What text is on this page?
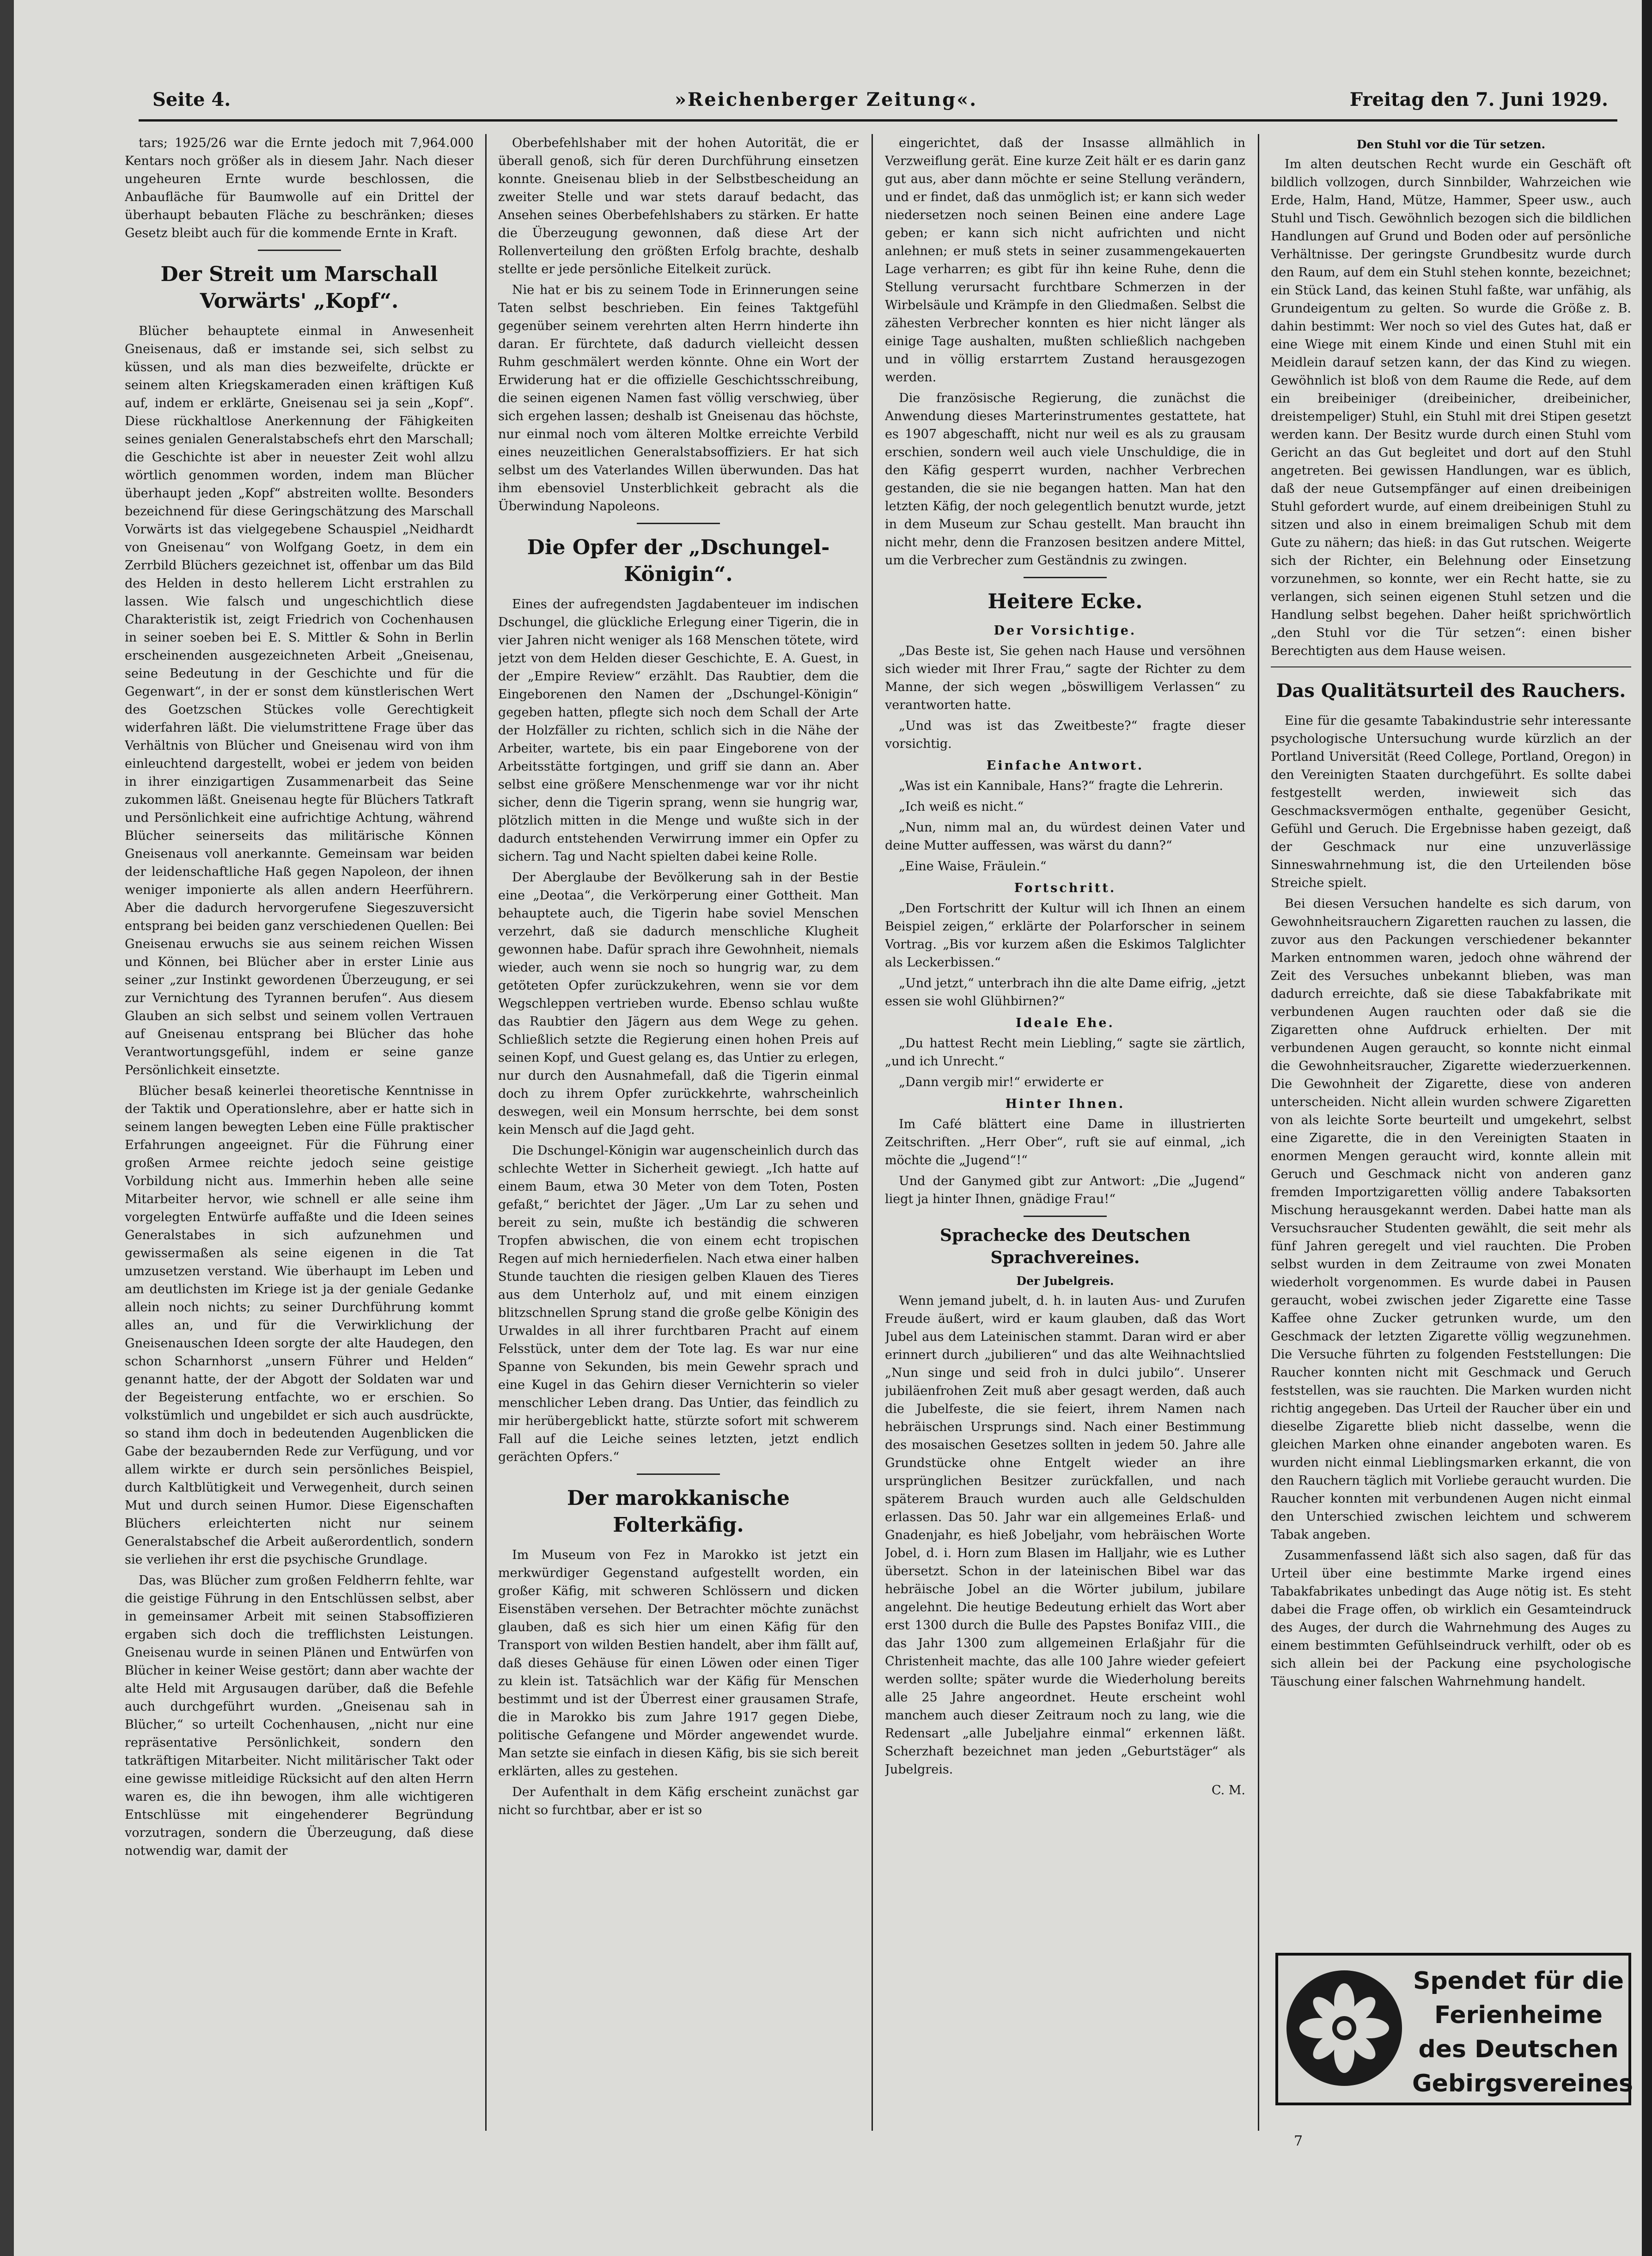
Seite 4.	»Reichenberger Zeitung«.	Freitag den 7. Juni 1929.

tars; 1925/26 war die Ernte jedoch mit 7,964.000 Kentars noch größer als in diesem Jahr. Nach dieser ungeheuren Ernte wurde beschlossen, die Anbaufläche für Baumwolle auf ein Drittel der überhaupt bebauten Fläche zu beschränken; dieses Gesetz bleibt auch für die kommende Ernte in Kraft.

Der Streit um Marschall Vorwärts' „Kopf“.

Blücher behauptete einmal in Anwesenheit Gneisenaus, daß er imstande sei, sich selbst zu küssen, und als man dies bezweifelte, drückte er seinem alten Kriegskameraden einen kräftigen Kuß auf, indem er erklärte, Gneisenau sei ja sein „Kopf“. Diese rückhaltlose Anerkennung der Fähigkeiten seines genialen Generalstabschefs ehrt den Marschall; die Geschichte ist aber in neuester Zeit wohl allzu wörtlich genommen worden, indem man Blücher überhaupt jeden „Kopf“ abstreiten wollte. Besonders bezeichnend für diese Geringschätzung des Marschall Vorwärts ist das vielgegebene Schauspiel „Neidhardt von Gneisenau“ von Wolfgang Goetz, in dem ein Zerrbild Blüchers gezeichnet ist, offenbar um das Bild des Helden in desto hellerem Licht erstrahlen zu lassen. Wie falsch und ungeschichtlich diese Charakteristik ist, zeigt Friedrich von Cochenhausen in seiner soeben bei E. S. Mittler & Sohn in Berlin erscheinenden ausgezeichneten Arbeit „Gneisenau, seine Bedeutung in der Geschichte und für die Gegenwart“, in der er sonst dem künstlerischen Wert des Goetzschen Stückes volle Gerechtigkeit widerfahren läßt. Die vielumstrittene Frage über das Verhältnis von Blücher und Gneisenau wird von ihm einleuchtend dargestellt, wobei er jedem von beiden in ihrer einzigartigen Zusammenarbeit das Seine zukommen läßt. Gneisenau hegte für Blüchers Tatkraft und Persönlichkeit eine aufrichtige Achtung, während Blücher seinerseits das militärische Können Gneisenaus voll anerkannte. Gemeinsam war beiden der leidenschaftliche Haß gegen Napoleon, der ihnen weniger imponierte als allen andern Heerführern. Aber die dadurch hervorgerufene Siegeszuversicht entsprang bei beiden ganz verschiedenen Quellen: Bei Gneisenau erwuchs sie aus seinem reichen Wissen und Können, bei Blücher aber in erster Linie aus seiner „zur Instinkt gewordenen Überzeugung, er sei zur Vernichtung des Tyrannen berufen“. Aus diesem Glauben an sich selbst und seinem vollen Vertrauen auf Gneisenau entsprang bei Blücher das hohe Verantwortungsgefühl, indem er seine ganze Persönlichkeit einsetzte.

Blücher besaß keinerlei theoretische Kenntnisse in der Taktik und Operationslehre, aber er hatte sich in seinem langen bewegten Leben eine Fülle praktischer Erfahrungen angeeignet. Für die Führung einer großen Armee reichte jedoch seine geistige Vorbildung nicht aus. Immerhin heben alle seine Mitarbeiter hervor, wie schnell er alle seine ihm vorgelegten Entwürfe auffaßte und die Ideen seines Generalstabes in sich aufzunehmen und gewissermaßen als seine eigenen in die Tat umzusetzen verstand. Wie überhaupt im Leben und am deutlichsten im Kriege ist ja der geniale Gedanke allein noch nichts; zu seiner Durchführung kommt alles an, und für die Verwirklichung der Gneisenauschen Ideen sorgte der alte Haudegen, den schon Scharnhorst „unsern Führer und Helden“ genannt hatte, der der Abgott der Soldaten war und der Begeisterung entfachte, wo er erschien. So volkstümlich und ungebildet er sich auch ausdrückte, so stand ihm doch in bedeutenden Augenblicken die Gabe der bezaubernden Rede zur Verfügung, und vor allem wirkte er durch sein persönliches Beispiel, durch Kaltblütigkeit und Verwegenheit, durch seinen Mut und durch seinen Humor. Diese Eigenschaften Blüchers erleichterten nicht nur seinem Generalstabschef die Arbeit außerordentlich, sondern sie verliehen ihr erst die psychische Grundlage.

Das, was Blücher zum großen Feldherrn fehlte, war die geistige Führung in den Entschlüssen selbst, aber in gemeinsamer Arbeit mit seinen Stabsoffizieren ergaben sich doch die trefflichsten Leistungen. Gneisenau wurde in seinen Plänen und Entwürfen von Blücher in keiner Weise gestört; dann aber wachte der alte Held mit Argusaugen darüber, daß die Befehle auch durchgeführt wurden. „Gneisenau sah in Blücher,“ so urteilt Cochenhausen, „nicht nur eine repräsentative Persönlichkeit, sondern den tatkräftigen Mitarbeiter. Nicht militärischer Takt oder eine gewisse mitleidige Rücksicht auf den alten Herrn waren es, die ihn bewogen, ihm alle wichtigeren Entschlüsse mit eingehenderer Begründung vorzutragen, sondern die Überzeugung, daß diese notwendig war, damit der

Oberbefehlshaber mit der hohen Autorität, die er überall genoß, sich für deren Durchführung einsetzen konnte. Gneisenau blieb in der Selbstbescheidung an zweiter Stelle und war stets darauf bedacht, das Ansehen seines Oberbefehlshabers zu stärken. Er hatte die Überzeugung gewonnen, daß diese Art der Rollenverteilung den größten Erfolg brachte, deshalb stellte er jede persönliche Eitelkeit zurück.

Nie hat er bis zu seinem Tode in Erinnerungen seine Taten selbst beschrieben. Ein feines Taktgefühl gegenüber seinem verehrten alten Herrn hinderte ihn daran. Er fürchtete, daß dadurch vielleicht dessen Ruhm geschmälert werden könnte. Ohne ein Wort der Erwiderung hat er die offizielle Geschichtsschreibung, die seinen eigenen Namen fast völlig verschwieg, über sich ergehen lassen; deshalb ist Gneisenau das höchste, nur einmal noch vom älteren Moltke erreichte Verbild eines neuzeitlichen Generalstabsoffiziers. Er hat sich selbst um des Vaterlandes Willen überwunden. Das hat ihm ebensoviel Unsterblichkeit gebracht als die Überwindung Napoleons.

Die Opfer der „Dschungel-Königin“.

Eines der aufregendsten Jagdabenteuer im indischen Dschungel, die glückliche Erlegung einer Tigerin, die in vier Jahren nicht weniger als 168 Menschen tötete, wird jetzt von dem Helden dieser Geschichte, E. A. Guest, in der „Empire Review“ erzählt. Das Raubtier, dem die Eingeborenen den Namen der „Dschungel-Königin“ gegeben hatten, pflegte sich noch dem Schall der Arte der Holzfäller zu richten, schlich sich in die Nähe der Arbeiter, wartete, bis ein paar Eingeborene von der Arbeitsstätte fortgingen, und griff sie dann an. Aber selbst eine größere Menschenmenge war vor ihr nicht sicher, denn die Tigerin sprang, wenn sie hungrig war, plötzlich mitten in die Menge und wußte sich in der dadurch entstehenden Verwirrung immer ein Opfer zu sichern. Tag und Nacht spielten dabei keine Rolle.

Der Aberglaube der Bevölkerung sah in der Bestie eine „Deotaa“, die Verkörperung einer Gottheit. Man behauptete auch, die Tigerin habe soviel Menschen verzehrt, daß sie dadurch menschliche Klugheit gewonnen habe. Dafür sprach ihre Gewohnheit, niemals wieder, auch wenn sie noch so hungrig war, zu dem getöteten Opfer zurückzukehren, wenn sie vor dem Wegschleppen vertrieben wurde. Ebenso schlau wußte das Raubtier den Jägern aus dem Wege zu gehen. Schließlich setzte die Regierung einen hohen Preis auf seinen Kopf, und Guest gelang es, das Untier zu erlegen, nur durch den Ausnahmefall, daß die Tigerin einmal doch zu ihrem Opfer zurückkehrte, wahrscheinlich deswegen, weil ein Monsum herrschte, bei dem sonst kein Mensch auf die Jagd geht.

Die Dschungel-Königin war augenscheinlich durch das schlechte Wetter in Sicherheit gewiegt. „Ich hatte auf einem Baum, etwa 30 Meter von dem Toten, Posten gefaßt,“ berichtet der Jäger. „Um Lar zu sehen und bereit zu sein, mußte ich beständig die schweren Tropfen abwischen, die von einem echt tropischen Regen auf mich herniederfielen. Nach etwa einer halben Stunde tauchten die riesigen gelben Klauen des Tieres aus dem Unterholz auf, und mit einem einzigen blitzschnellen Sprung stand die große gelbe Königin des Urwaldes in all ihrer furchtbaren Pracht auf einem Felsstück, unter dem der Tote lag. Es war nur eine Spanne von Sekunden, bis mein Gewehr sprach und eine Kugel in das Gehirn dieser Vernichterin so vieler menschlicher Leben drang. Das Untier, das feindlich zu mir herübergeblickt hatte, stürzte sofort mit schwerem Fall auf die Leiche seines letzten, jetzt endlich gerächten Opfers.“

Der marokkanische Folterkäfig.

Im Museum von Fez in Marokko ist jetzt ein merkwürdiger Gegenstand aufgestellt worden, ein großer Käfig, mit schweren Schlössern und dicken Eisenstäben versehen. Der Betrachter möchte zunächst glauben, daß es sich hier um einen Käfig für den Transport von wilden Bestien handelt, aber ihm fällt auf, daß dieses Gehäuse für einen Löwen oder einen Tiger zu klein ist. Tatsächlich war der Käfig für Menschen bestimmt und ist der Überrest einer grausamen Strafe, die in Marokko bis zum Jahre 1917 gegen Diebe, politische Gefangene und Mörder angewendet wurde. Man setzte sie einfach in diesen Käfig, bis sie sich bereit erklärten, alles zu gestehen.

Der Aufenthalt in dem Käfig erscheint zunächst gar nicht so furchtbar, aber er ist so

eingerichtet, daß der Insasse allmählich in Verzweiflung gerät. Eine kurze Zeit hält er es darin ganz gut aus, aber dann möchte er seine Stellung verändern, und er findet, daß das unmöglich ist; er kann sich weder niedersetzen noch seinen Beinen eine andere Lage geben; er kann sich nicht aufrichten und nicht anlehnen; er muß stets in seiner zusammengekauerten Lage verharren; es gibt für ihn keine Ruhe, denn die Stellung verursacht furchtbare Schmerzen in der Wirbelsäule und Krämpfe in den Gliedmaßen. Selbst die zähesten Verbrecher konnten es hier nicht länger als einige Tage aushalten, mußten schließlich nachgeben und in völlig erstarrtem Zustand herausgezogen werden.

Die französische Regierung, die zunächst die Anwendung dieses Marterinstrumentes gestattete, hat es 1907 abgeschafft, nicht nur weil es als zu grausam erschien, sondern weil auch viele Unschuldige, die in den Käfig gesperrt wurden, nachher Verbrechen gestanden, die sie nie begangen hatten. Man hat den letzten Käfig, der noch gelegentlich benutzt wurde, jetzt in dem Museum zur Schau gestellt. Man braucht ihn nicht mehr, denn die Franzosen besitzen andere Mittel, um die Verbrecher zum Geständnis zu zwingen.

Heitere Ecke.
Der Vorsichtige.

„Das Beste ist, Sie gehen nach Hause und versöhnen sich wieder mit Ihrer Frau,“ sagte der Richter zu dem Manne, der sich wegen „böswilligem Verlassen“ zu verantworten hatte.

„Und was ist das Zweitbeste?“ fragte dieser vorsichtig.

Einfache Antwort.

„Was ist ein Kannibale, Hans?“ fragte die Lehrerin.

„Ich weiß es nicht.“

„Nun, nimm mal an, du würdest deinen Vater und deine Mutter auffessen, was wärst du dann?“

„Eine Waise, Fräulein.“

Fortschritt.

„Den Fortschritt der Kultur will ich Ihnen an einem Beispiel zeigen,“ erklärte der Polarforscher in seinem Vortrag. „Bis vor kurzem aßen die Eskimos Talglichter als Leckerbissen.“

„Und jetzt,“ unterbrach ihn die alte Dame eifrig, „jetzt essen sie wohl Glühbirnen?“

Ideale Ehe.

„Du hattest Recht mein Liebling,“ sagte sie zärtlich, „und ich Unrecht.“

„Dann vergib mir!“ erwiderte er

Hinter Ihnen.

Im Café blättert eine Dame in illustrierten Zeitschriften. „Herr Ober“, ruft sie auf einmal, „ich möchte die „Jugend“!“

Und der Ganymed gibt zur Antwort: „Die „Jugend“ liegt ja hinter Ihnen, gnädige Frau!“

Sprachecke des Deutschen Sprachvereines.
Der Jubelgreis.

Wenn jemand jubelt, d. h. in lauten Aus- und Zurufen Freude äußert, wird er kaum glauben, daß das Wort Jubel aus dem Lateinischen stammt. Daran wird er aber erinnert durch „jubilieren“ und das alte Weihnachtslied „Nun singe und seid froh in dulci jubilo“. Unserer jubiläenfrohen Zeit muß aber gesagt werden, daß auch die Jubelfeste, die sie feiert, ihrem Namen nach hebräischen Ursprungs sind. Nach einer Bestimmung des mosaischen Gesetzes sollten in jedem 50. Jahre alle Grundstücke ohne Entgelt wieder an ihre ursprünglichen Besitzer zurückfallen, und nach späterem Brauch wurden auch alle Geldschulden erlassen. Das 50. Jahr war ein allgemeines Erlaß- und Gnadenjahr, es hieß Jobeljahr, vom hebräischen Worte Jobel, d. i. Horn zum Blasen im Halljahr, wie es Luther übersetzt. Schon in der lateinischen Bibel war das hebräische Jobel an die Wörter jubilum, jubilare angelehnt. Die heutige Bedeutung erhielt das Wort aber erst 1300 durch die Bulle des Papstes Bonifaz VIII., die das Jahr 1300 zum allgemeinen Erlaßjahr für die Christenheit machte, das alle 100 Jahre wieder gefeiert werden sollte; später wurde die Wiederholung bereits alle 25 Jahre angeordnet. Heute erscheint wohl manchem auch dieser Zeitraum noch zu lang, wie die Redensart „alle Jubeljahre einmal“ erkennen läßt. Scherzhaft bezeichnet man jeden „Geburtstäger“ als Jubelgreis.

C. M.

Den Stuhl vor die Tür setzen.

Im alten deutschen Recht wurde ein Geschäft oft bildlich vollzogen, durch Sinnbilder, Wahrzeichen wie Erde, Halm, Hand, Mütze, Hammer, Speer usw., auch Stuhl und Tisch. Gewöhnlich bezogen sich die bildlichen Handlungen auf Grund und Boden oder auf persönliche Verhältnisse. Der geringste Grundbesitz wurde durch den Raum, auf dem ein Stuhl stehen konnte, bezeichnet; ein Stück Land, das keinen Stuhl faßte, war unfähig, als Grundeigentum zu gelten. So wurde die Größe z. B. dahin bestimmt: Wer noch so viel des Gutes hat, daß er eine Wiege mit einem Kinde und einen Stuhl mit ein Meidlein darauf setzen kann, der das Kind zu wiegen. Gewöhnlich ist bloß von dem Raume die Rede, auf dem ein breibeiniger (dreibeinicher, dreibeinicher, dreistempeliger) Stuhl, ein Stuhl mit drei Stipen gesetzt werden kann. Der Besitz wurde durch einen Stuhl vom Gericht an das Gut begleitet und dort auf den Stuhl angetreten. Bei gewissen Handlungen, war es üblich, daß der neue Gutsempfänger auf einen dreibeinigen Stuhl gefordert wurde, auf einem dreibeinigen Stuhl zu sitzen und also in einem breimaligen Schub mit dem Gute zu nähern; das hieß: in das Gut rutschen. Weigerte sich der Richter, ein Belehnung oder Einsetzung vorzunehmen, so konnte, wer ein Recht hatte, sie zu verlangen, sich seinen eigenen Stuhl setzen und die Handlung selbst begehen. Daher heißt sprichwörtlich „den Stuhl vor die Tür setzen“: einen bisher Berechtigten aus dem Hause weisen.

Das Qualitätsurteil des Rauchers.

Eine für die gesamte Tabakindustrie sehr interessante psychologische Untersuchung wurde kürzlich an der Portland Universität (Reed College, Portland, Oregon) in den Vereinigten Staaten durchgeführt. Es sollte dabei festgestellt werden, inwieweit sich das Geschmacksvermögen enthalte, gegenüber Gesicht, Gefühl und Geruch. Die Ergebnisse haben gezeigt, daß der Geschmack nur eine unzuverlässige Sinneswahrnehmung ist, die den Urteilenden böse Streiche spielt.

Bei diesen Versuchen handelte es sich darum, von Gewohnheitsrauchern Zigaretten rauchen zu lassen, die zuvor aus den Packungen verschiedener bekannter Marken entnommen waren, jedoch ohne während der Zeit des Versuches unbekannt blieben, was man dadurch erreichte, daß sie diese Tabakfabrikate mit verbundenen Augen rauchten oder daß sie die Zigaretten ohne Aufdruck erhielten. Der mit verbundenen Augen geraucht, so konnte nicht einmal die Gewohnheitsraucher, Zigarette wiederzuerkennen. Die Gewohnheit der Zigarette, diese von anderen unterscheiden. Nicht allein wurden schwere Zigaretten von als leichte Sorte beurteilt und umgekehrt, selbst eine Zigarette, die in den Vereinigten Staaten in enormen Mengen geraucht wird, konnte allein mit Geruch und Geschmack nicht von anderen ganz fremden Importzigaretten völlig andere Tabaksorten Mischung herausgekannt werden. Dabei hatte man als Versuchsraucher Studenten gewählt, die seit mehr als fünf Jahren geregelt und viel rauchten. Die Proben selbst wurden in dem Zeitraume von zwei Monaten wiederholt vorgenommen. Es wurde dabei in Pausen geraucht, wobei zwischen jeder Zigarette eine Tasse Kaffee ohne Zucker getrunken wurde, um den Geschmack der letzten Zigarette völlig wegzunehmen. Die Versuche führten zu folgenden Feststellungen: Die Raucher konnten nicht mit Geschmack und Geruch feststellen, was sie rauchten. Die Marken wurden nicht richtig angegeben. Das Urteil der Raucher über ein und dieselbe Zigarette blieb nicht dasselbe, wenn die gleichen Marken ohne einander angeboten waren. Es wurden nicht einmal Lieblingsmarken erkannt, die von den Rauchern täglich mit Vorliebe geraucht wurden. Die Raucher konnten mit verbundenen Augen nicht einmal den Unterschied zwischen leichtem und schwerem Tabak angeben.

Zusammenfassend läßt sich also sagen, daß für das Urteil über eine bestimmte Marke irgend eines Tabakfabrikates unbedingt das Auge nötig ist. Es steht dabei die Frage offen, ob wirklich ein Gesamteindruck des Auges, der durch die Wahrnehmung des Auges zu einem bestimmten Gefühlseindruck verhilft, oder ob es sich allein bei der Packung eine psychologische Täuschung einer falschen Wahrnehmung handelt.

Spendet für die
Ferienheime
des Deutschen
Gebirgsvereines
7
